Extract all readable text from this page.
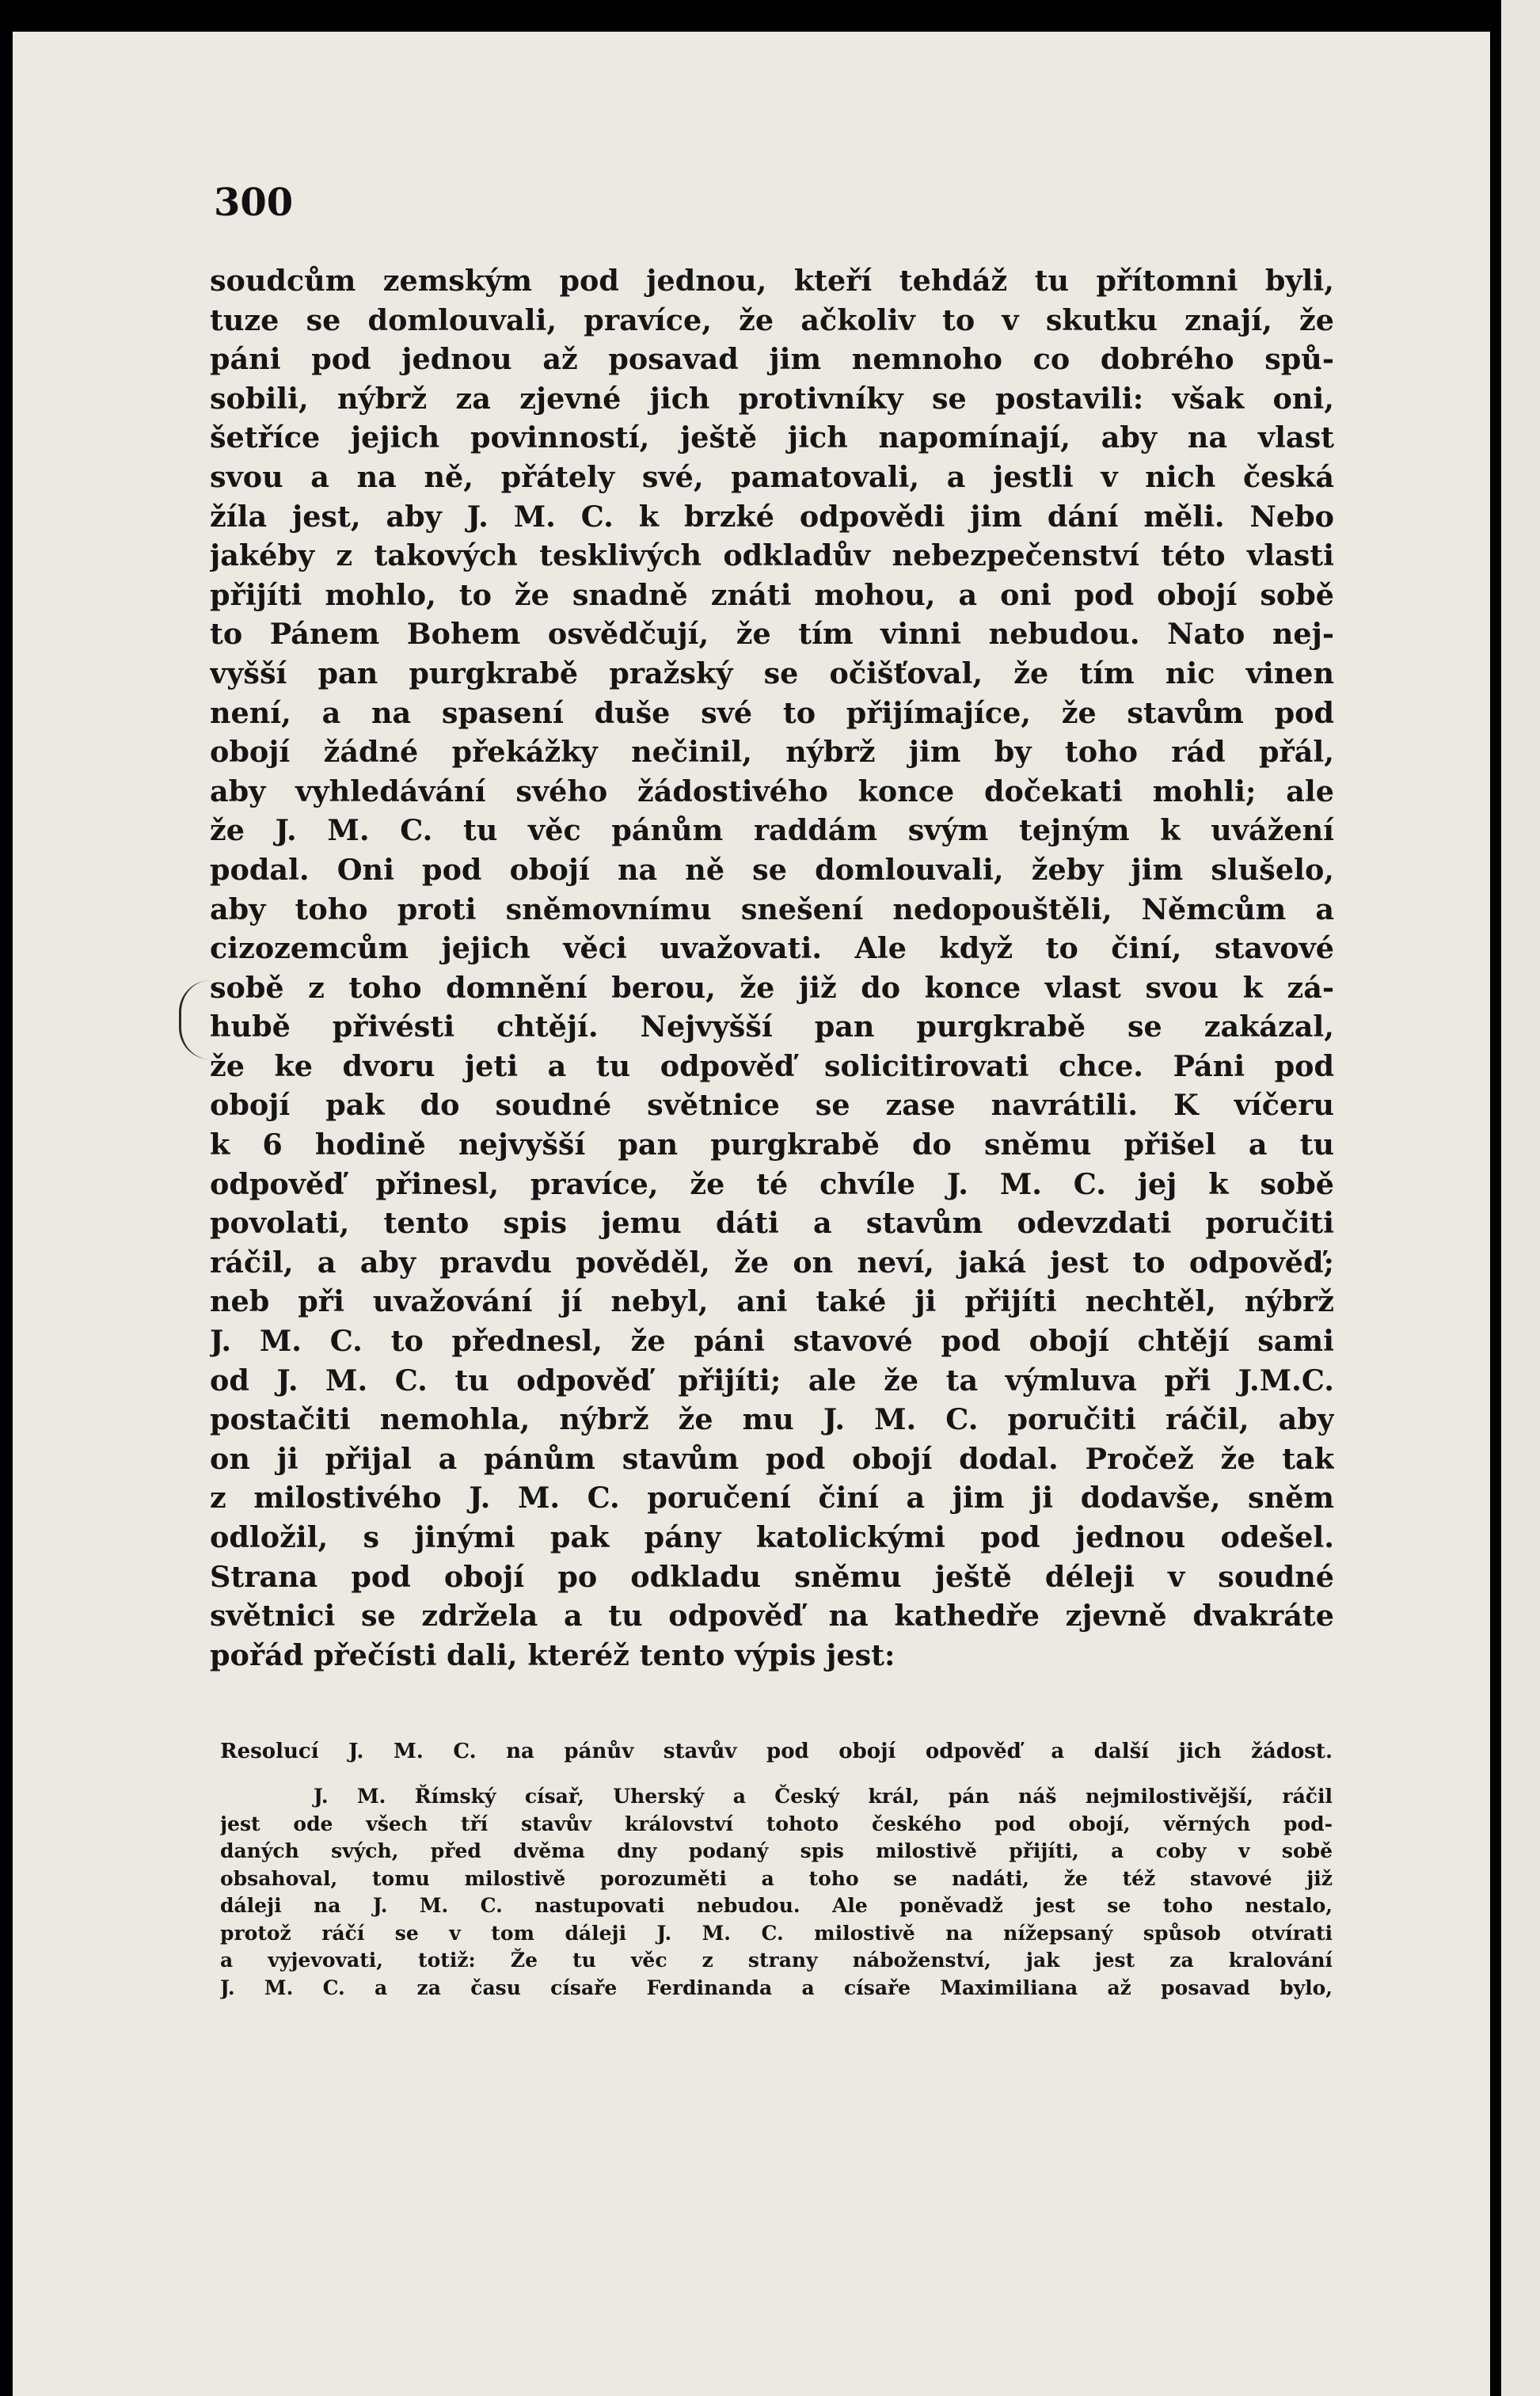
300
soudcům zemským pod jednou, kteří tehdáž tu přítomni byli,
tuze se domlouvali, pravíce, že ačkoliv to v skutku znají, že
páni pod jednou až posavad jim nemnoho co dobrého spů-
sobili, nýbrž za zjevné jich protivníky se postavili: však oni,
šetříce jejich povinností, ještě jich napomínají, aby na vlast
svou a na ně, přátely své, pamatovali, a jestli v nich česká
žíla jest, aby J. M. C. k brzké odpovědi jim dání měli. Nebo
jakéby z takových tesklivých odkladův nebezpečenství této vlasti
přijíti mohlo, to že snadně znáti mohou, a oni pod obojí sobě
to Pánem Bohem osvědčují, že tím vinni nebudou. Nato nej-
vyšší pan purgkrabě pražský se očišťoval, že tím nic vinen
není, a na spasení duše své to přijímajíce, že stavům pod
obojí žádné překážky nečinil, nýbrž jim by toho rád přál,
aby vyhledávání svého žádostivého konce dočekati mohli; ale
že J. M. C. tu věc pánům raddám svým tejným k uvážení
podal. Oni pod obojí na ně se domlouvali, žeby jim slušelo,
aby toho proti sněmovnímu snešení nedopouštěli, Němcům a
cizozemcům jejich věci uvažovati. Ale když to činí, stavové
sobě z toho domnění berou, že již do konce vlast svou k zá-
hubě přivésti chtějí. Nejvyšší pan purgkrabě se zakázal,
že ke dvoru jeti a tu odpověď solicitirovati chce. Páni pod
obojí pak do soudné světnice se zase navrátili. K víčeru
k 6 hodině nejvyšší pan purgkrabě do sněmu přišel a tu
odpověď přinesl, pravíce, že té chvíle J. M. C. jej k sobě
povolati, tento spis jemu dáti a stavům odevzdati poručiti
ráčil, a aby pravdu pověděl, že on neví, jaká jest to odpověď;
neb při uvažování jí nebyl, ani také ji přijíti nechtěl, nýbrž
J. M. C. to přednesl, že páni stavové pod obojí chtějí sami
od J. M. C. tu odpověď přijíti; ale že ta výmluva při J.M.C.
postačiti nemohla, nýbrž že mu J. M. C. poručiti ráčil, aby
on ji přijal a pánům stavům pod obojí dodal. Pročež že tak
z milostivého J. M. C. poručení činí a jim ji dodavše, sněm
odložil, s jinými pak pány katolickými pod jednou odešel.
Strana pod obojí po odkladu sněmu ještě déleji v soudné
světnici se zdržela a tu odpověď na kathedře zjevně dvakráte
pořád přečísti dali, kteréž tento výpis jest:
Resolucí J. M. C. na pánův stavův pod obojí odpověď a další jich žádost.
J. M. Římský císař, Uherský a Český král, pán náš nejmilostivější, ráčil
jest ode všech tří stavův království tohoto českého pod obojí, věrných pod-
daných svých, před dvěma dny podaný spis milostivě přijíti, a coby v sobě
obsahoval, tomu milostivě porozuměti a toho se nadáti, že též stavové již
dáleji na J. M. C. nastupovati nebudou. Ale poněvadž jest se toho nestalo,
protož ráčí se v tom dáleji J. M. C. milostivě na nížepsaný spůsob otvírati
a vyjevovati, totiž: Že tu věc z strany náboženství, jak jest za kralování
J. M. C. a za času císaře Ferdinanda a císaře Maximiliana až posavad bylo,
